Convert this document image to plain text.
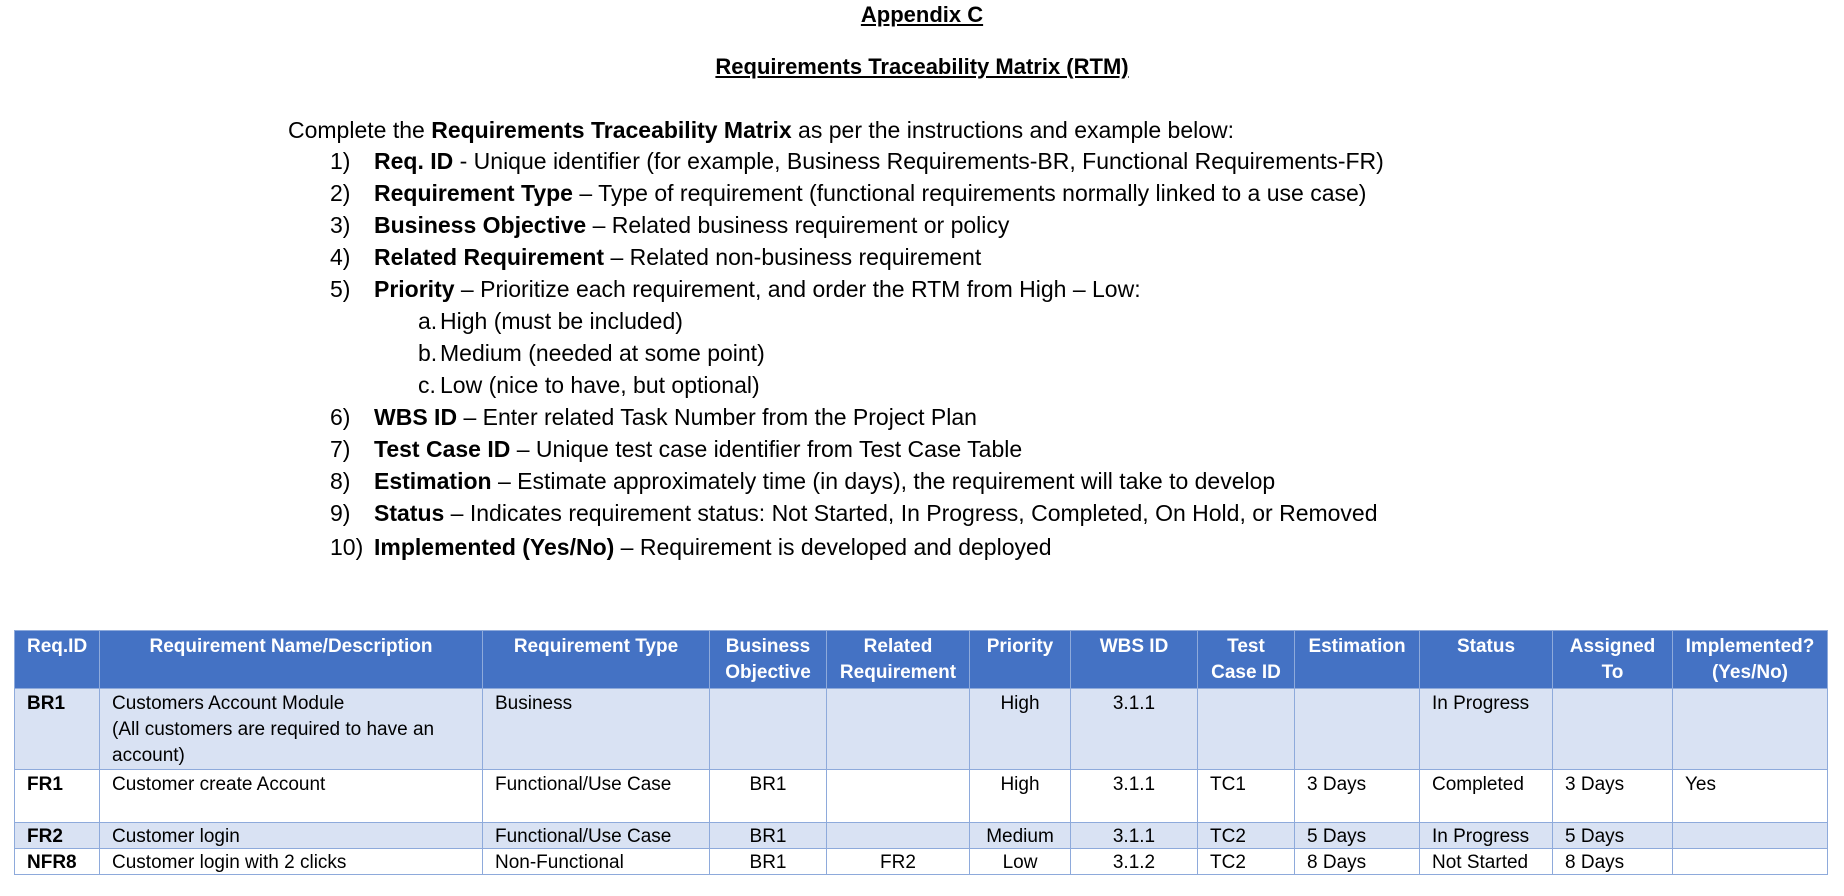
Appendix C
Requirements Traceability Matrix (RTM)

Complete the Requirements Traceability Matrix as per the instructions and example below:

1)	Req. ID - Unique identifier (for example, Business Requirements-BR, Functional Requirements-FR)
2)	Requirement Type – Type of requirement (functional requirements normally linked to a use case)
3)	Business Objective – Related business requirement or policy
4)	Related Requirement – Related non-business requirement
5)	Priority – Prioritize each requirement, and order the RTM from High – Low:
a. High (must be included)
b. Medium (needed at some point)
c. Low (nice to have, but optional)
6)	WBS ID – Enter related Task Number from the Project Plan
7)	Test Case ID – Unique test case identifier from Test Case Table
8)	Estimation – Estimate approximately time (in days), the requirement will take to develop
9)	Status – Indicates requirement status: Not Started, In Progress, Completed, On Hold, or Removed
10) Implemented (Yes/No) – Requirement is developed and deployed
Req.ID	Requirement Name/Description	Requirement Type	Business Objective	Related Requirement	Priority	WBS ID	Test Case ID	Estimation	Status	Assigned To	Implemented? (Yes/No)
BR1	Customers Account Module
(All customers are required to have an account)	Business			High	3.1.1			In Progress		
FR1	Customer create Account	Functional/Use Case	BR1		High	3.1.1	TC1	3 Days	Completed	3 Days	Yes
FR2	Customer login	Functional/Use Case	BR1		Medium	3.1.1	TC2	5 Days	In Progress	5 Days	
NFR8	Customer login with 2 clicks	Non-Functional	BR1	FR2	Low	3.1.2	TC2	8 Days	Not Started	8 Days	
